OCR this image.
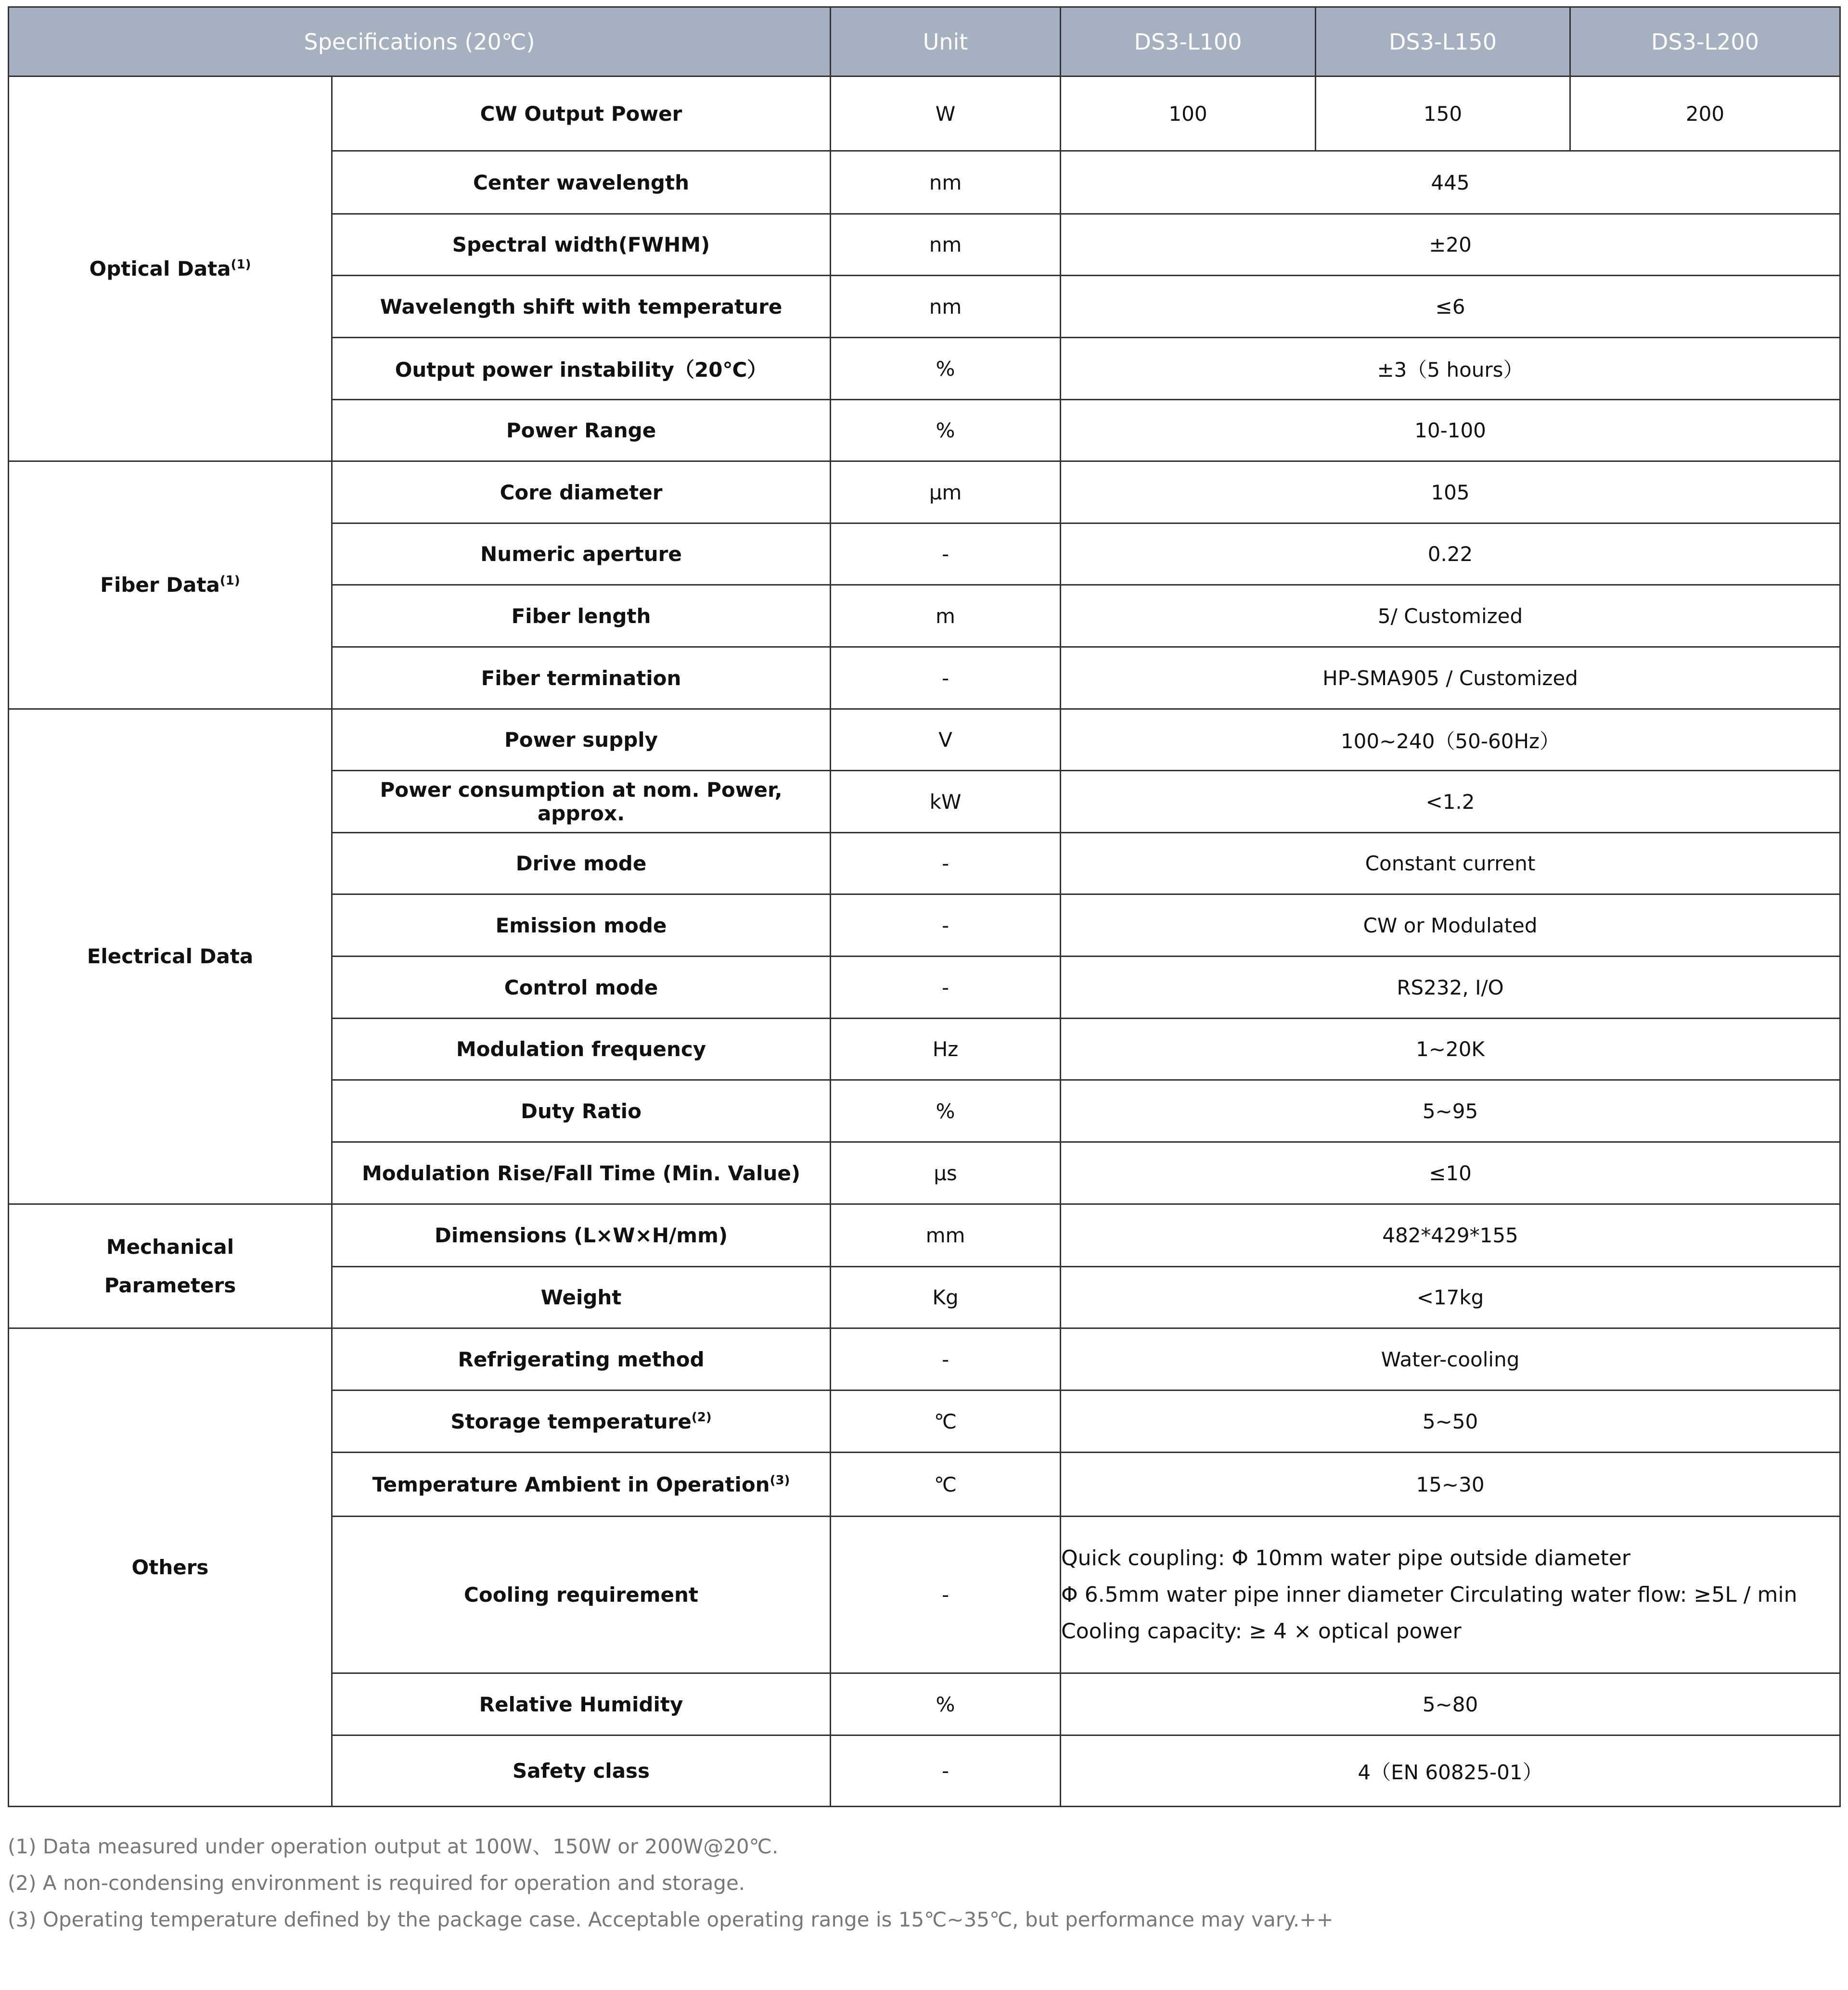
Specifications (20℃)		Unit	DS3-L100	DS3-L150	DS3-L200
Optical Data$^{(1)}$	CW Output Power	W	100	150	200
	Center wavelength	nm	445		
	Spectral width(FWHM)	nm	±20		
	Wavelength shift with temperature	nm	≤6		
	Output power instability（20℃）	%	±3（5 hours）		
	Power Range	%	10-100		
Fiber Data$^{(1)}$	Core diameter	μm	105		
	Numeric aperture	-	0.22		
	Fiber length	m	5/ Customized		
	Fiber termination	-	HP-SMA905 / Customized		
Electrical Data	Power supply	V	100~240（50-60Hz）		
	Power consumption at nom. Power, approx.	kW	<1.2		
	Drive mode	-	Constant current		
	Emission mode	-	CW or Modulated		
	Control mode	-	RS232, I/O		
	Modulation frequency	Hz	1~20K		
	Duty Ratio	%	5~95		
	Modulation Rise/Fall Time (Min. Value)	μs	≤10		
Mechanical
Parameters	Dimensions (L×W×H/mm)	mm	482*429*155		
	Weight	Kg	<17kg		
Others	Refrigerating method	-	Water-cooling		
	Storage temperature$^{(2)}$	℃	5~50		
	Temperature Ambient in Operation$^{(3)}$	℃	15~30		
	Cooling requirement	-	Quick coupling: Φ 10mm water pipe outside diameter
Φ 6.5mm water pipe inner diameter Circulating water flow: ≥5L / min
Cooling capacity: ≥ 4 × optical power		

	Relative Humidity	%	5~80		
	Safety class	-	4（EN 60825-01）		
(1) Data measured under operation output at 100W、150W or 200W@20℃.
(2) A non-condensing environment is required for operation and storage.
(3) Operating temperature defined by the package case. Acceptable operating range is 15℃~35℃, but performance may vary.++
